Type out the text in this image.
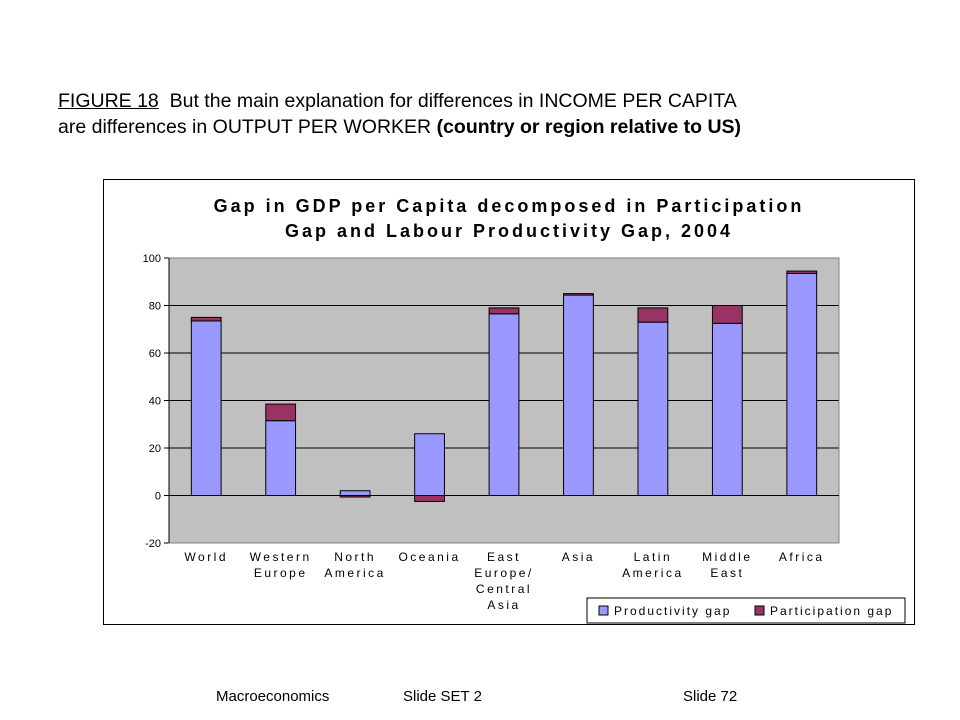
FIGURE 18  But the main explanation for differences in INCOME PER CAPITA
are differences in OUTPUT PER WORKER (country or region relative to US)
Gap in GDP per Capita decomposed in Participation
Gap and Labour Productivity Gap, 2004
100
80
60
40
20
0
-20
World Western
Europe
North
America
Oceania East
Europe/
Central
Asia
Asia	Latin
America
Middle
East
Africa
Productivity gap	Participation gap
Macroeconomics	Slide SET 2	Slide 72
